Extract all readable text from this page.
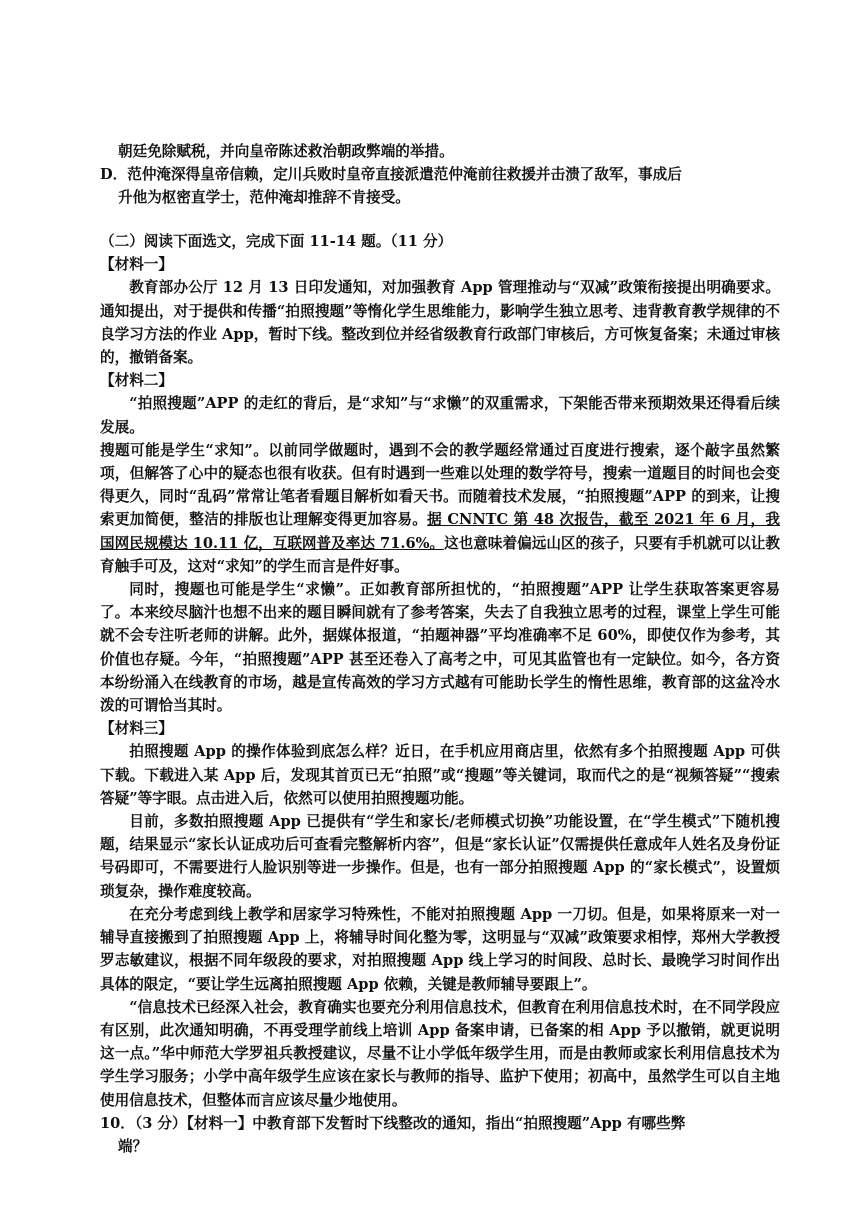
朝廷免除赋税，并向皇帝陈述救治朝政弊端的举措。

D．范仲淹深得皇帝信赖，定川兵败时皇帝直接派遣范仲淹前往救援并击溃了敌军，事成后

升他为枢密直学士，范仲淹却推辞不肯接受。

（二）阅读下面选文，完成下面 11-14 题。（11 分）

【材料一】

教育部办公厅 12 月 13 日印发通知，对加强教育 App 管理推动与“双减”政策衔接提出明确要求。通知提出，对于提供和传播“拍照搜题”等惰化学生思维能力，影响学生独立思考、违背教育教学规律的不良学习方法的作业 App，暂时下线。整改到位并经省级教育行政部门审核后，方可恢复备案；未通过审核的，撤销备案。

【材料二】

“拍照搜题”APP 的走红的背后，是“求知”与“求懒”的双重需求，下架能否带来预期效果还得看后续发展。

搜题可能是学生“求知”。以前同学做题时，遇到不会的教学题经常通过百度进行搜索，逐个敲字虽然繁项，但解答了心中的疑态也很有收获。但有时遇到一些难以处理的数学符号，搜索一道题目的时间也会变得更久，同时“乱码”常常让笔者看题目解析如看天书。而随着技术发展，“拍照搜题”APP 的到来，让搜索更加简便，整洁的排版也让理解变得更加容易。据 CNNTC 第 48 次报告，截至 2021 年 6 月，我国网民规模达 10.11 亿，互联网普及率达 71.6%。这也意味着偏远山区的孩子，只要有手机就可以让教育触手可及，这对“求知”的学生而言是件好事。

同时，搜题也可能是学生“求懒”。正如教育部所担忧的，“拍照搜题”APP 让学生获取答案更容易了。本来绞尽脑汁也想不出来的题目瞬间就有了参考答案，失去了自我独立思考的过程，课堂上学生可能就不会专注听老师的讲解。此外，据媒体报道，“拍题神器”平均准确率不足 60%，即使仅作为参考，其价值也存疑。今年，“拍照搜题”APP 甚至还卷入了高考之中，可见其监管也有一定缺位。如今，各方资本纷纷涌入在线教育的市场，越是宣传高效的学习方式越有可能助长学生的惰性思维，教育部的这盆冷水泼的可谓恰当其时。

【材料三】

拍照搜题 App 的操作体验到底怎么样？近日，在手机应用商店里，依然有多个拍照搜题 App 可供下载。下载进入某 App 后，发现其首页已无“拍照”或“搜题”等关键词，取而代之的是“视频答疑”“搜索答疑”等字眼。点击进入后，依然可以使用拍照搜题功能。

目前，多数拍照搜题 App 已提供有“学生和家长/老师模式切换”功能设置，在“学生模式”下随机搜题，结果显示“家长认证成功后可查看完整解析内容”，但是“家长认证”仅需提供任意成年人姓名及身份证号码即可，不需要进行人脸识别等进一步操作。但是，也有一部分拍照搜题 App 的“家长模式”，设置烦琐复杂，操作难度较高。

在充分考虑到线上教学和居家学习特殊性，不能对拍照搜题 App 一刀切。但是，如果将原来一对一辅导直接搬到了拍照搜题 App 上，将辅导时间化整为零，这明显与“双减”政策要求相悖，郑州大学教授罗志敏建议，根据不同年级段的要求，对拍照搜题 App 线上学习的时间段、总时长、最晚学习时间作出具体的限定，“要让学生远离拍照搜题 App 依赖，关键是教师辅导要跟上”。

“信息技术已经深入社会，教育确实也要充分利用信息技术，但教育在利用信息技术时，在不同学段应有区别，此次通知明确，不再受理学前线上培训 App 备案申请，已备案的相 App 予以撤销，就更说明这一点。”华中师范大学罗祖兵教授建议，尽量不让小学低年级学生用，而是由教师或家长利用信息技术为学生学习服务；小学中高年级学生应该在家长与教师的指导、监护下使用；初高中，虽然学生可以自主地使用信息技术，但整体而言应该尽量少地使用。

10．（3 分）【材料一】中教育部下发暂时下线整改的通知，指出“拍照搜题”App 有哪些弊

端？
